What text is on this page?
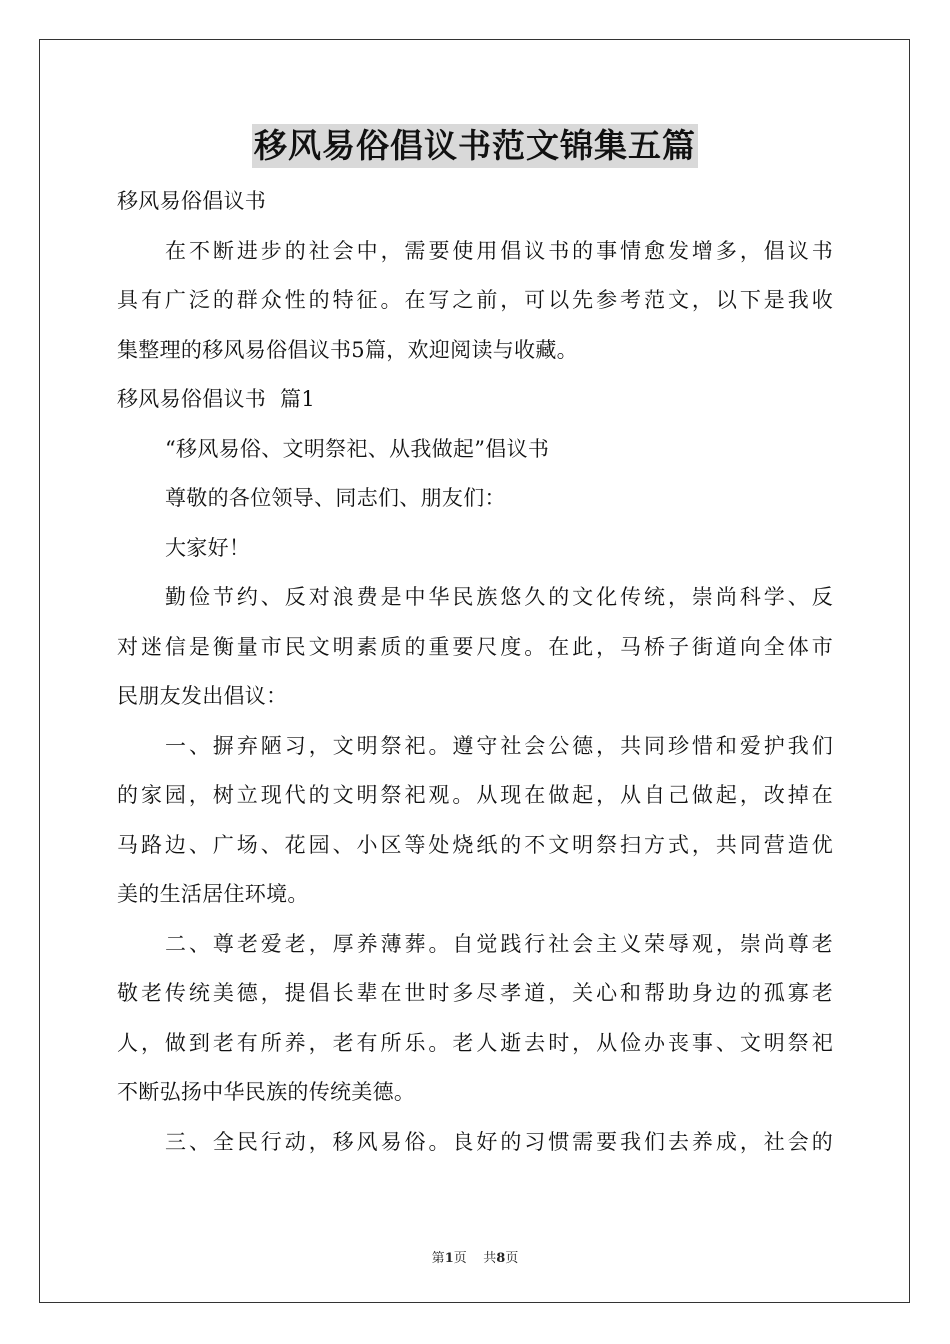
移风易俗倡议书范文锦集五篇
移风易俗倡议书
在不断进步的社会中，需要使用倡议书的事情愈发增多，倡议书
具有广泛的群众性的特征。在写之前，可以先参考范文，以下是我收
集整理的移风易俗倡议书5篇，欢迎阅读与收藏。
移风易俗倡议书  篇1
“移风易俗、文明祭祀、从我做起”倡议书
尊敬的各位领导、同志们、朋友们：
大家好！
勤俭节约、反对浪费是中华民族悠久的文化传统，崇尚科学、反
对迷信是衡量市民文明素质的重要尺度。在此，马桥子街道向全体市
民朋友发出倡议：
一、摒弃陋习，文明祭祀。遵守社会公德，共同珍惜和爱护我们
的家园，树立现代的文明祭祀观。从现在做起，从自己做起，改掉在
马路边、广场、花园、小区等处烧纸的不文明祭扫方式，共同营造优
美的生活居住环境。
二、尊老爱老，厚养薄葬。自觉践行社会主义荣辱观，崇尚尊老
敬老传统美德，提倡长辈在世时多尽孝道，关心和帮助身边的孤寡老
人，做到老有所养，老有所乐。老人逝去时，从俭办丧事、文明祭祀
不断弘扬中华民族的传统美德。
三、全民行动，移风易俗。良好的习惯需要我们去养成，社会的
第1页    共8页
